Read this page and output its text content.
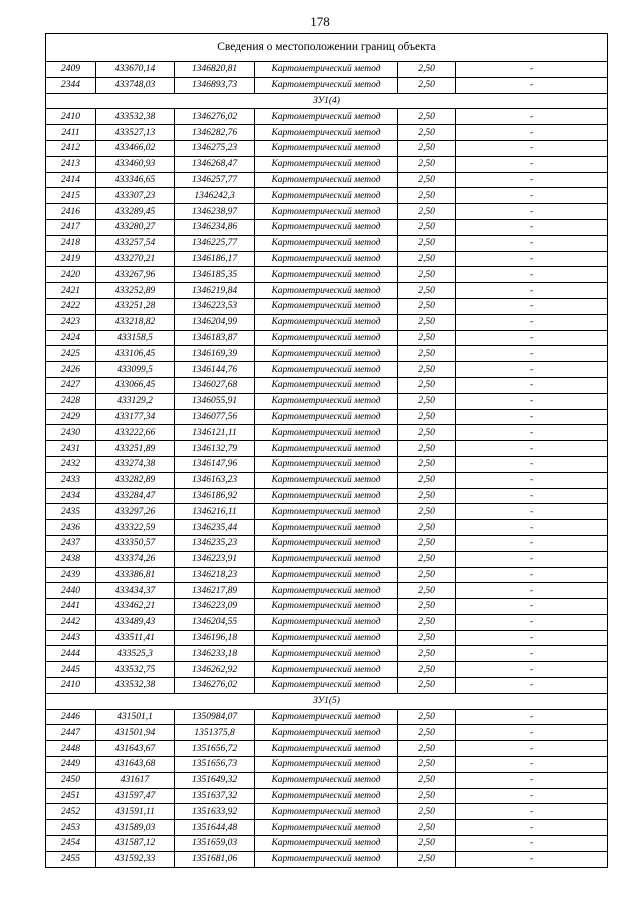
178
Сведения о местоположении границ объекта					
2409	433670,14	1346820,81	Картометрический метод	2,50	-
2344	433748,03	1346893,73	Картометрический метод	2,50	-
ЗУ1(4)					
2410	433532,38	1346276,02	Картометрический метод	2,50	-
2411	433527,13	1346282,76	Картометрический метод	2,50	-
2412	433466,02	1346275,23	Картометрический метод	2,50	-
2413	433460,93	1346268,47	Картометрический метод	2,50	-
2414	433346,65	1346257,77	Картометрический метод	2,50	-
2415	433307,23	1346242,3	Картометрический метод	2,50	-
2416	433289,45	1346238,97	Картометрический метод	2,50	-
2417	433280,27	1346234,86	Картометрический метод	2,50	-
2418	433257,54	1346225,77	Картометрический метод	2,50	-
2419	433270,21	1346186,17	Картометрический метод	2,50	-
2420	433267,96	1346185,35	Картометрический метод	2,50	-
2421	433252,89	1346219,84	Картометрический метод	2,50	-
2422	433251,28	1346223,53	Картометрический метод	2,50	-
2423	433218,82	1346204,99	Картометрический метод	2,50	-
2424	433158,5	1346183,87	Картометрический метод	2,50	-
2425	433106,45	1346169,39	Картометрический метод	2,50	-
2426	433099,5	1346144,76	Картометрический метод	2,50	-
2427	433066,45	1346027,68	Картометрический метод	2,50	-
2428	433129,2	1346055,91	Картометрический метод	2,50	-
2429	433177,34	1346077,56	Картометрический метод	2,50	-
2430	433222,66	1346121,11	Картометрический метод	2,50	-
2431	433251,89	1346132,79	Картометрический метод	2,50	-
2432	433274,38	1346147,96	Картометрический метод	2,50	-
2433	433282,89	1346163,23	Картометрический метод	2,50	-
2434	433284,47	1346186,92	Картометрический метод	2,50	-
2435	433297,26	1346216,11	Картометрический метод	2,50	-
2436	433322,59	1346235,44	Картометрический метод	2,50	-
2437	433350,57	1346235,23	Картометрический метод	2,50	-
2438	433374,26	1346223,91	Картометрический метод	2,50	-
2439	433386,81	1346218,23	Картометрический метод	2,50	-
2440	433434,37	1346217,89	Картометрический метод	2,50	-
2441	433462,21	1346223,09	Картометрический метод	2,50	-
2442	433489,43	1346204,55	Картометрический метод	2,50	-
2443	433511,41	1346196,18	Картометрический метод	2,50	-
2444	433525,3	1346233,18	Картометрический метод	2,50	-
2445	433532,75	1346262,92	Картометрический метод	2,50	-
2410	433532,38	1346276,02	Картометрический метод	2,50	-
ЗУ1(5)					
2446	431501,1	1350984,07	Картометрический метод	2,50	-
2447	431501,94	1351375,8	Картометрический метод	2,50	-
2448	431643,67	1351656,72	Картометрический метод	2,50	-
2449	431643,68	1351656,73	Картометрический метод	2,50	-
2450	431617	1351649,32	Картометрический метод	2,50	-
2451	431597,47	1351637,32	Картометрический метод	2,50	-
2452	431591,11	1351633,92	Картометрический метод	2,50	-
2453	431589,03	1351644,48	Картометрический метод	2,50	-
2454	431587,12	1351659,03	Картометрический метод	2,50	-
2455	431592,33	1351681,06	Картометрический метод	2,50	-
